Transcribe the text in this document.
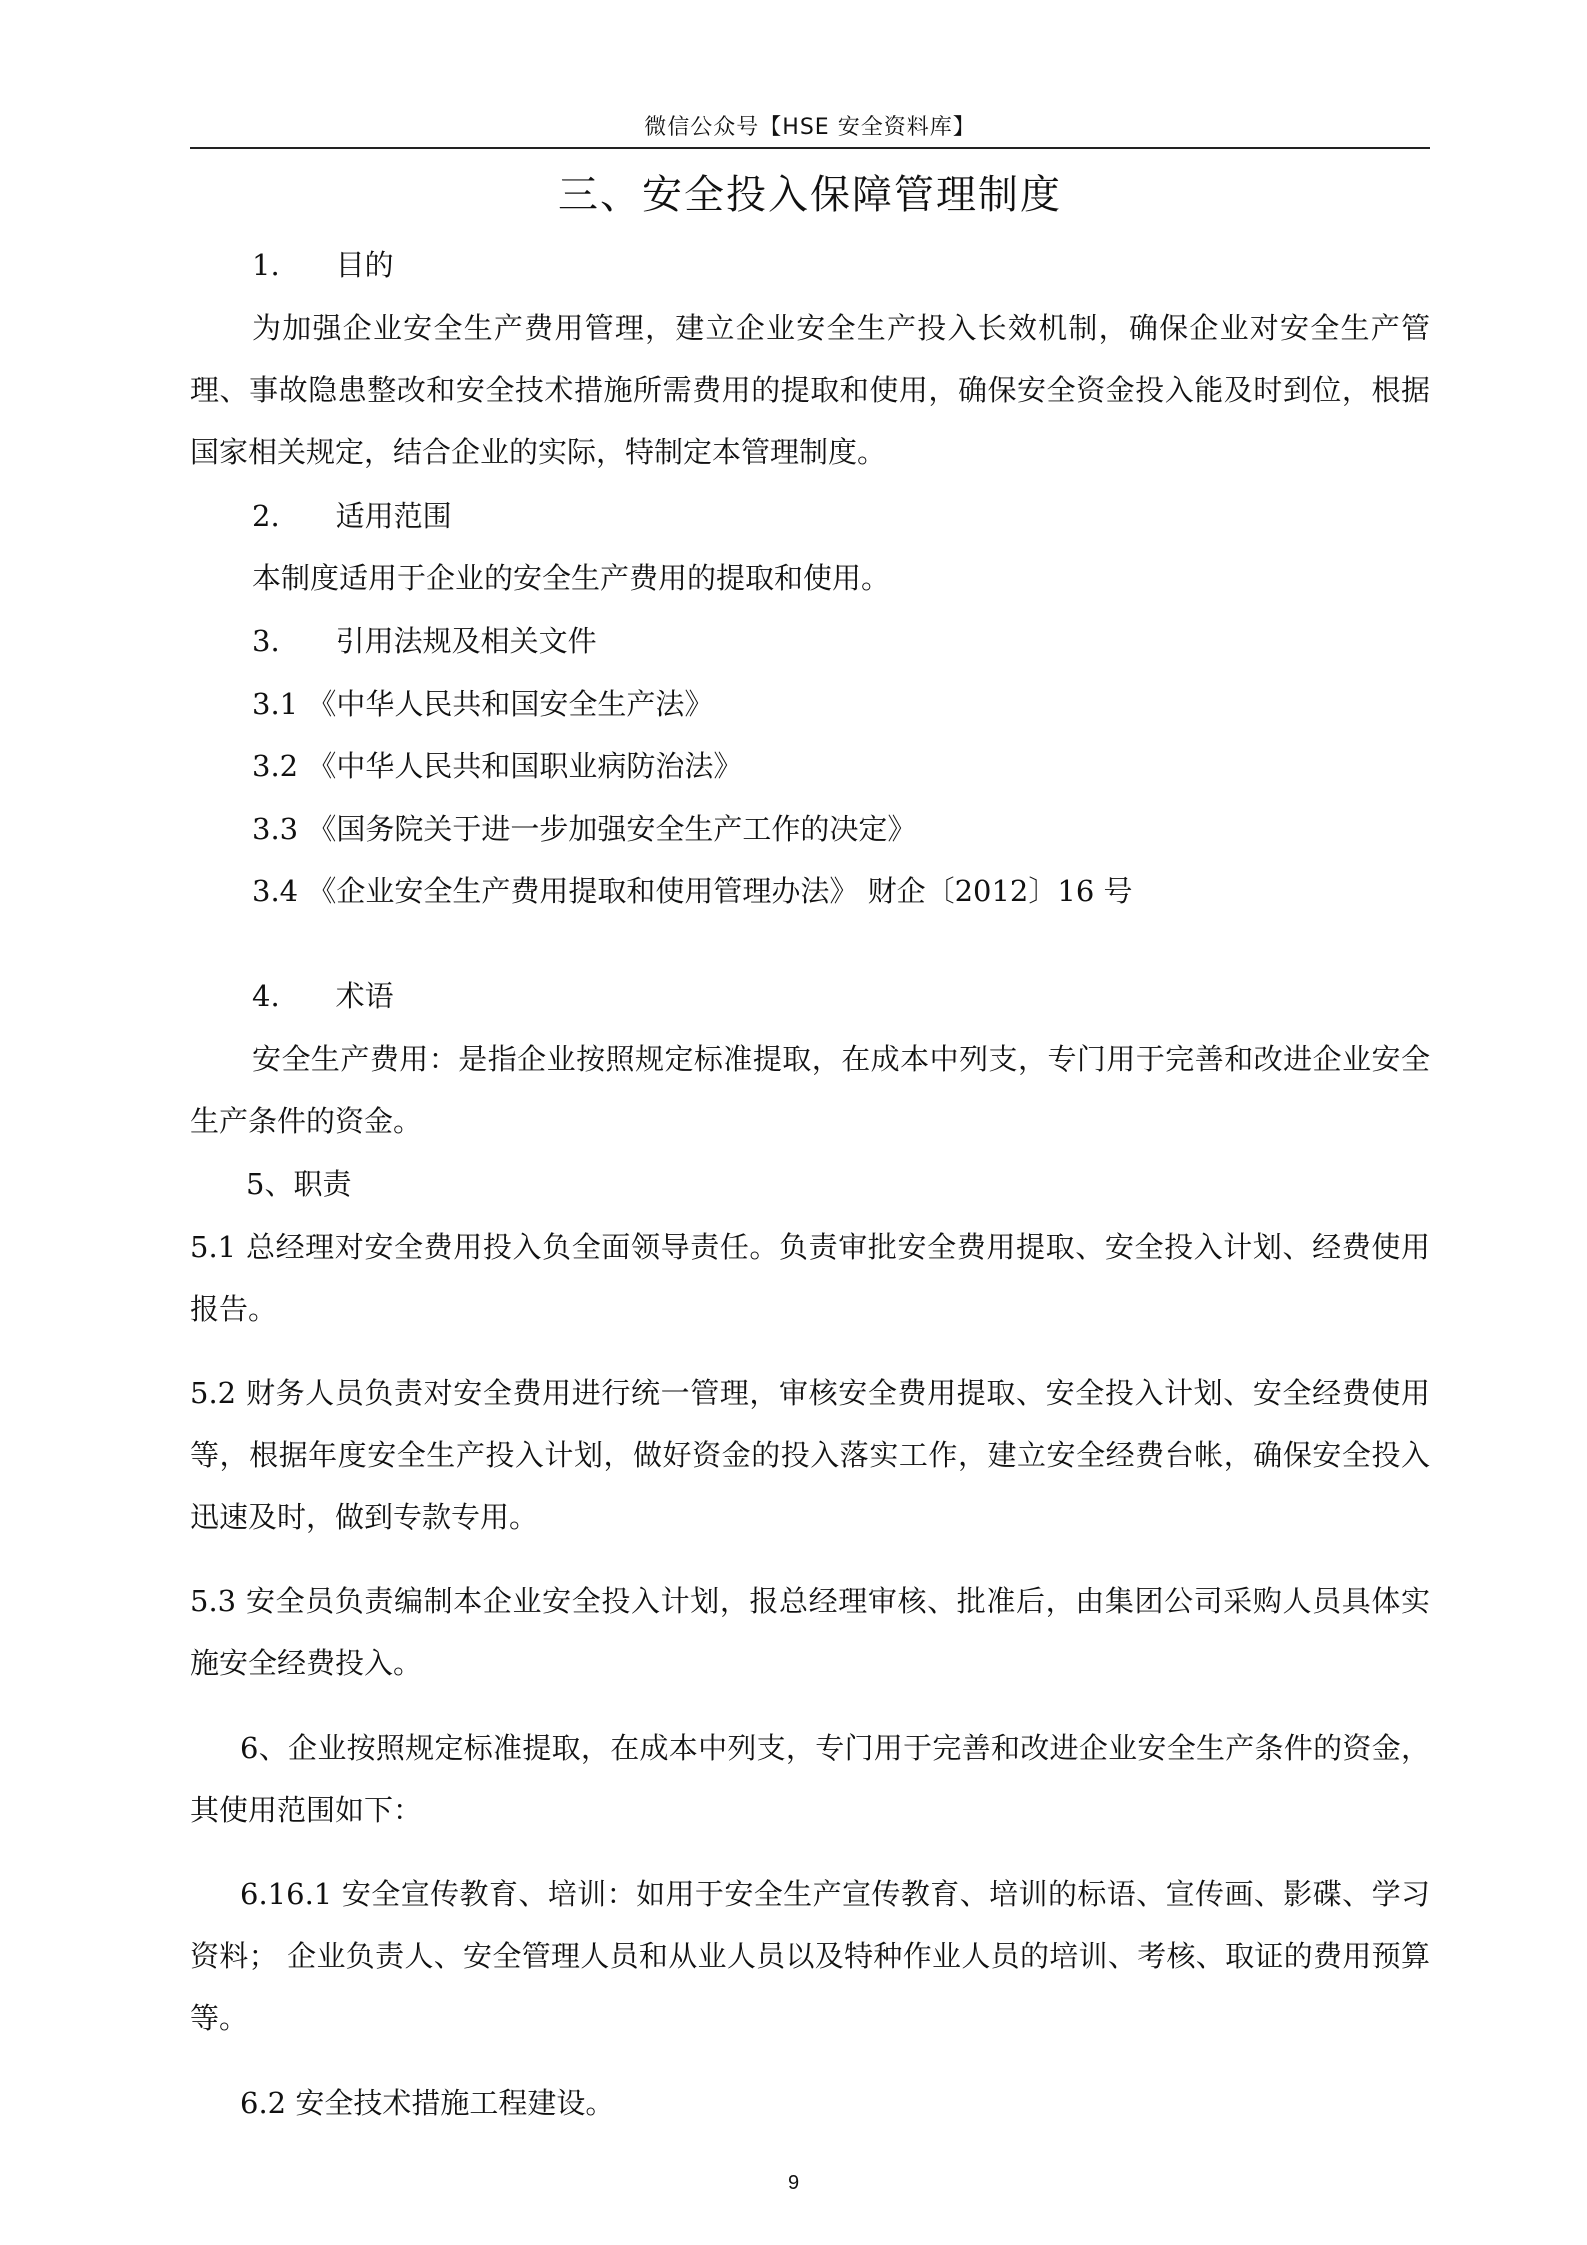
微信公众号【HSE 安全资料库】
三、安全投入保障管理制度

1. 目的

为加强企业安全生产费用管理，建立企业安全生产投入长效机制，确保企业对安全生产管理、事故隐患整改和安全技术措施所需费用的提取和使用，确保安全资金投入能及时到位，根据国家相关规定，结合企业的实际，特制定本管理制度。

2. 适用范围

本制度适用于企业的安全生产费用的提取和使用。

3. 引用法规及相关文件

3.1 《中华人民共和国安全生产法》

3.2 《中华人民共和国职业病防治法》

3.3 《国务院关于进一步加强安全生产工作的决定》

3.4 《企业安全生产费用提取和使用管理办法》 财企〔2012〕16 号

4. 术语

安全生产费用：是指企业按照规定标准提取，在成本中列支，专门用于完善和改进企业安全生产条件的资金。

5、职责

5.1 总经理对安全费用投入负全面领导责任。负责审批安全费用提取、安全投入计划、经费使用报告。

5.2 财务人员负责对安全费用进行统一管理，审核安全费用提取、安全投入计划、安全经费使用等，根据年度安全生产投入计划，做好资金的投入落实工作，建立安全经费台帐，确保安全投入迅速及时，做到专款专用。

5.3 安全员负责编制本企业安全投入计划，报总经理审核、批准后，由集团公司采购人员具体实施安全经费投入。

6、企业按照规定标准提取，在成本中列支，专门用于完善和改进企业安全生产条件的资金，其使用范围如下：

6.16.1 安全宣传教育、培训：如用于安全生产宣传教育、培训的标语、宣传画、影碟、学习资料； 企业负责人、安全管理人员和从业人员以及特种作业人员的培训、考核、取证的费用预算等。

6.2 安全技术措施工程建设。

9
